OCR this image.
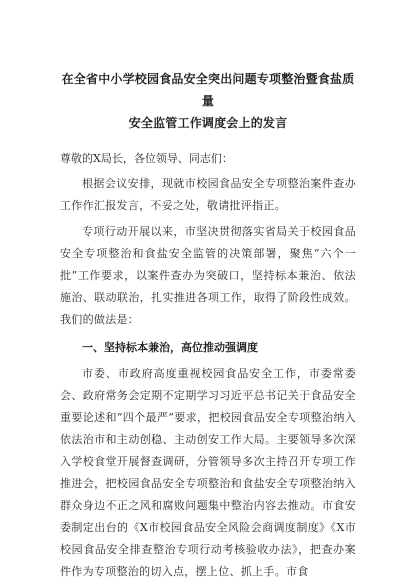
在全省中小学校园食品安全突出问题专项整治暨食盐质量
安全监管工作调度会上的发言
尊敬的X局长，各位领导、同志们：

根据会议安排，现就市校园食品安全专项整治案件查办工作作汇报发言，不妥之处，敬请批评指正。

专项行动开展以来，市坚决贯彻落实省局关于校园食品安全专项整治和食盐安全监管的决策部署，聚焦“六个一批”工作要求，以案件查办为突破口，坚持标本兼治、依法施治、联动联治，扎实推进各项工作，取得了阶段性成效。我们的做法是：

一、坚持标本兼治，高位推动强调度

市委、市政府高度重视校园食品安全工作，市委常委会、政府常务会定期不定期学习习近平总书记关于食品安全重要论述和“四个最严”要求，把校园食品安全专项整治纳入依法治市和主动创稳、主动创安工作大局。主要领导多次深入学校食堂开展督查调研，分管领导多次主持召开专项工作推进会，把校园食品安全专项整治和食盐安全专项整治纳入群众身边不正之风和腐败问题集中整治内容去推动。市食安委制定出台的《X市校园食品安全风险会商调度制度》《X市校园食品安全排查整治专项行动考核验收办法》，把查办案件作为专项整治的切入点，摆上位、抓上手。市食
